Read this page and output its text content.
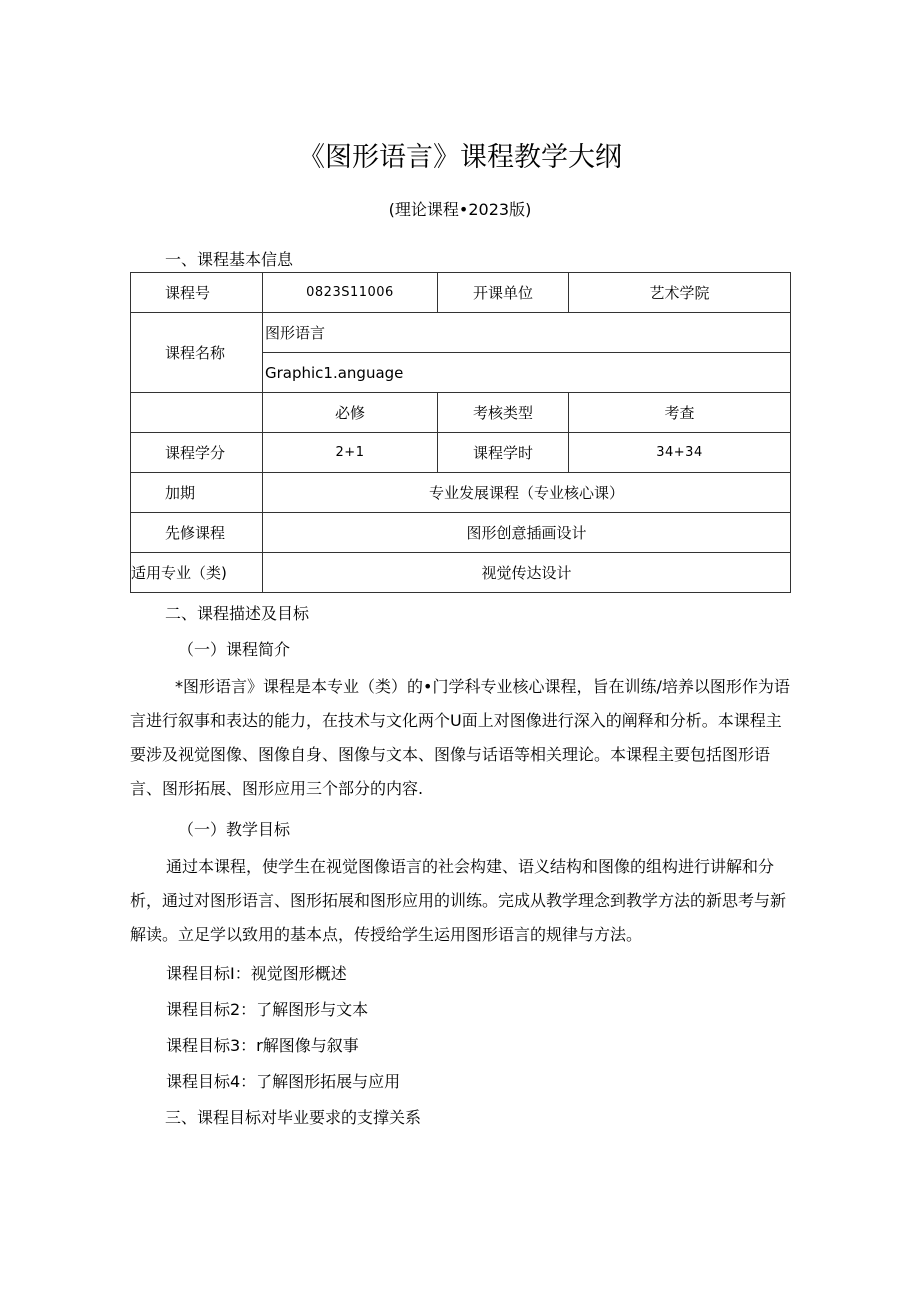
《图形语言》课程教学大纲
(理论课程•2023版)
一、课程基本信息
课程号	0823S11006	开课单位	艺术学院
课程名称	图形语言		
	Graphic1.anguage		
	必修	考核类型	考查
课程学分	2+1	课程学时	34+34
加期	专业发展课程（专业核心课）		
先修课程	图形创意插画设计		
适用专业（类)	视觉传达设计		
二、课程描述及目标
（一）课程简介
*图形语言》课程是本专业（类）的•门学科专业核心课程，旨在训练/培养以图形作为语言进行叙事和表达的能力，在技术与文化两个U面上对图像进行深入的阐释和分析。本课程主要涉及视觉图像、图像自身、图像与文本、图像与话语等相关理论。本课程主要包括图形语言、图形拓展、图形应用三个部分的内容.
（一）教学目标
通过本课程，使学生在视觉图像语言的社会构建、语义结构和图像的组构进行讲解和分析，通过对图形语言、图形拓展和图形应用的训练。完成从教学理念到教学方法的新思考与新解读。立足学以致用的基本点，传授给学生运用图形语言的规律与方法。
课程目标I：视觉图形概述
课程目标2：了解图形与文本
课程目标3：r解图像与叙事
课程目标4：了解图形拓展与应用
三、课程目标对毕业要求的支撑关系
